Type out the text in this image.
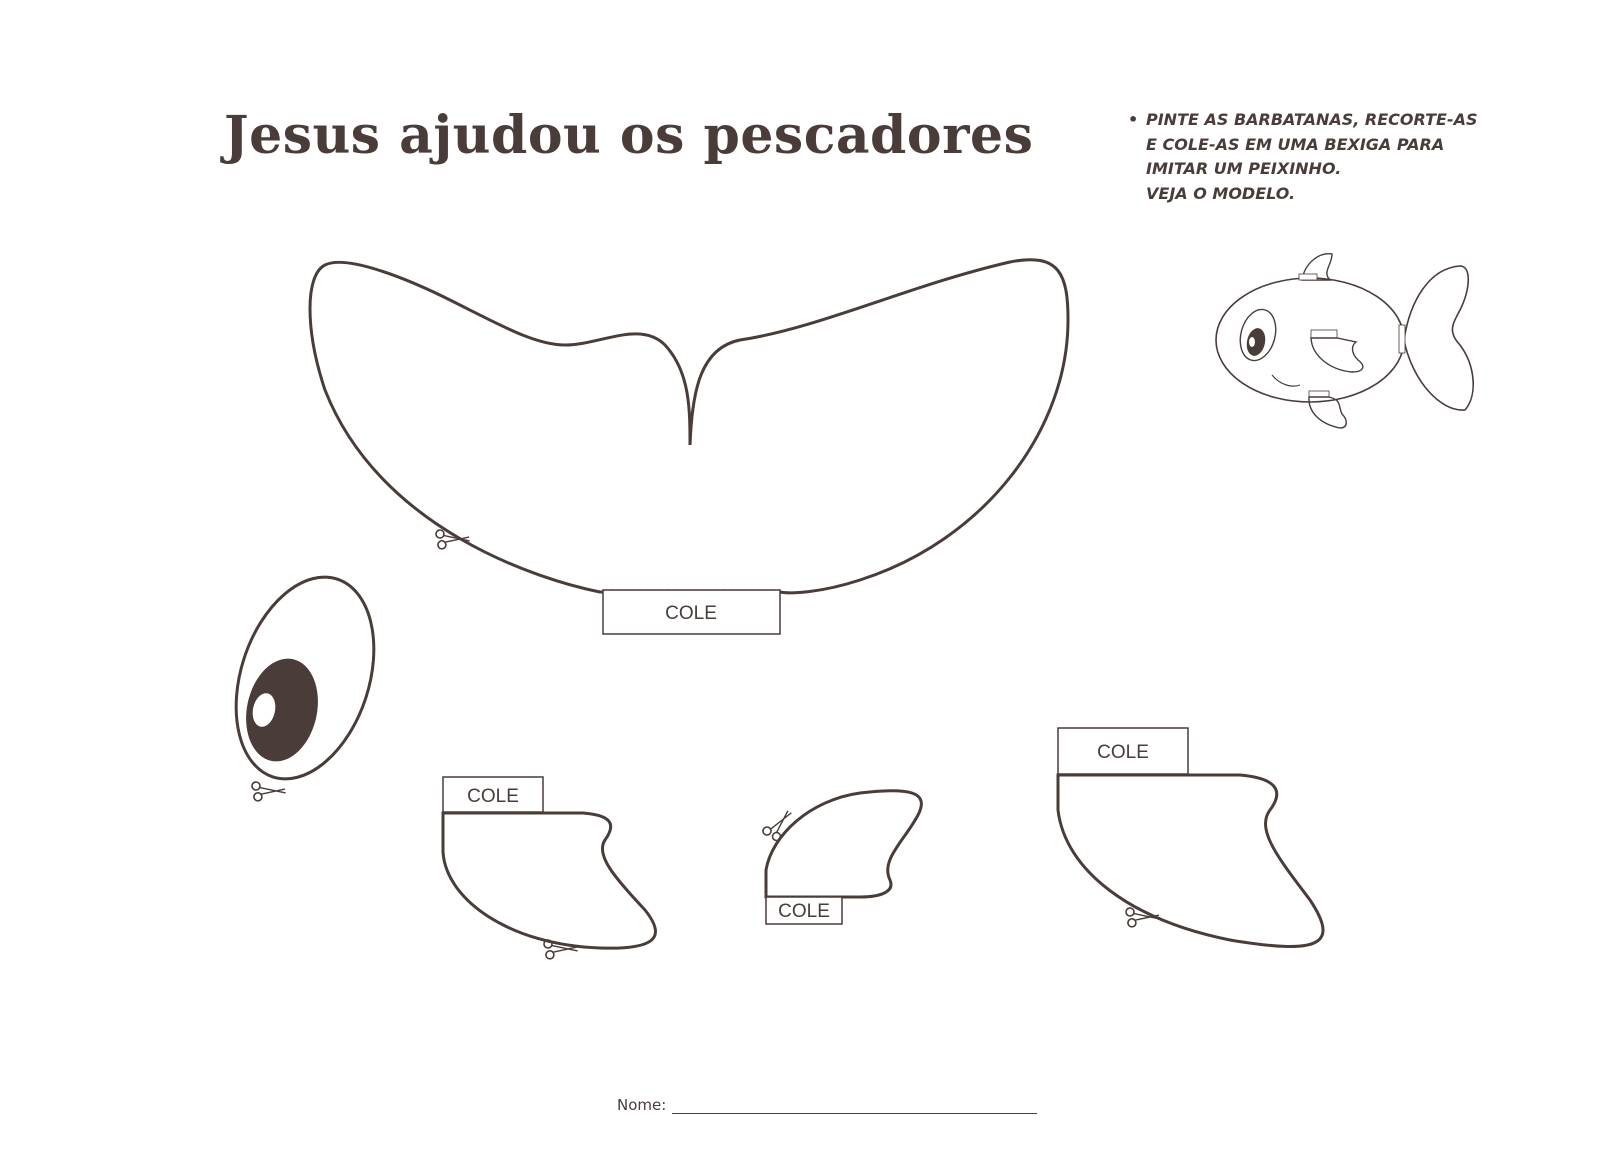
Jesus ajudou os pescadores	• PINTE AS BARBATANAS, RECORTE-AS
E COLE-AS EM UMA BEXIGA PARA
IMITAR UM PEIXINHO.
VEJA O MODELO.
COLE
COLE
COLE
COLE
Nome:
